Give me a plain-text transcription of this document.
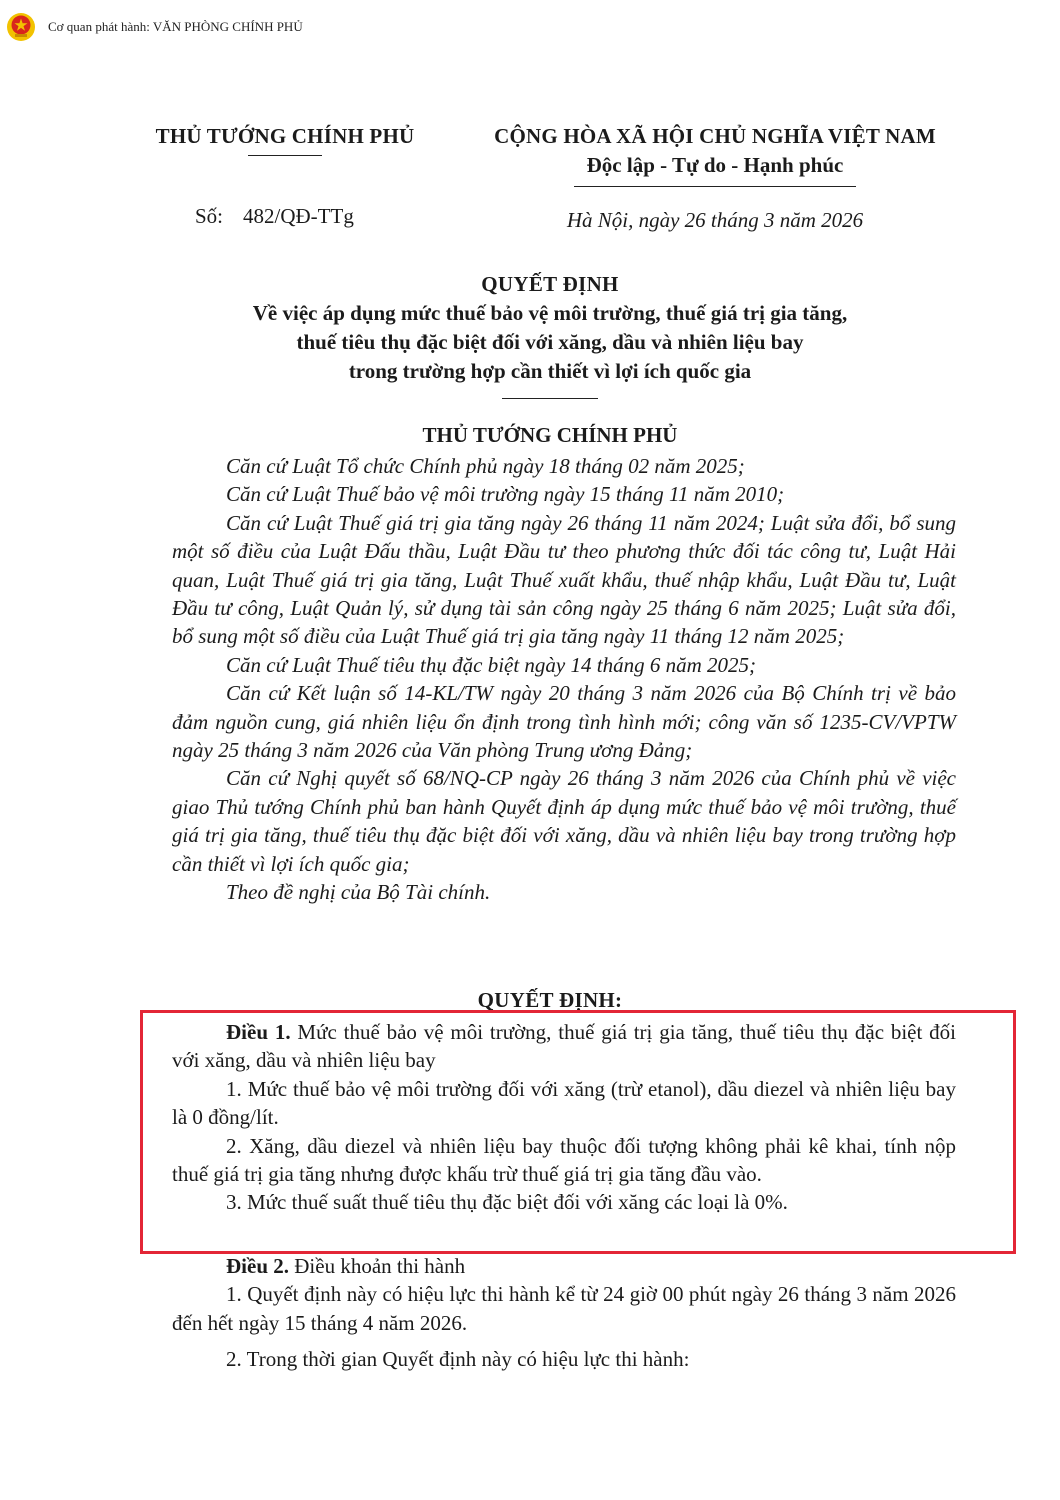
Cơ quan phát hành: VĂN PHÒNG CHÍNH PHỦ
THỦ TƯỚNG CHÍNH PHỦ	CỘNG HÒA XÃ HỘI CHỦ NGHĨA VIỆT NAM
Độc lập - Tự do - Hạnh phúc
Số: 482/QĐ-TTg	Hà Nội, ngày 26 tháng 3 năm 2026
QUYẾT ĐỊNH
Về việc áp dụng mức thuế bảo vệ môi trường, thuế giá trị gia tăng,
thuế tiêu thụ đặc biệt đối với xăng, dầu và nhiên liệu bay
trong trường hợp cần thiết vì lợi ích quốc gia
THỦ TƯỚNG CHÍNH PHỦ

Căn cứ Luật Tổ chức Chính phủ ngày 18 tháng 02 năm 2025;

Căn cứ Luật Thuế bảo vệ môi trường ngày 15 tháng 11 năm 2010;

Căn cứ Luật Thuế giá trị gia tăng ngày 26 tháng 11 năm 2024; Luật sửa đổi, bổ sung một số điều của Luật Đấu thầu, Luật Đầu tư theo phương thức đối tác công tư, Luật Hải quan, Luật Thuế giá trị gia tăng, Luật Thuế xuất khẩu, thuế nhập khẩu, Luật Đầu tư, Luật Đầu tư công, Luật Quản lý, sử dụng tài sản công ngày 25 tháng 6 năm 2025; Luật sửa đổi, bổ sung một số điều của Luật Thuế giá trị gia tăng ngày 11 tháng 12 năm 2025;

Căn cứ Luật Thuế tiêu thụ đặc biệt ngày 14 tháng 6 năm 2025;

Căn cứ Kết luận số 14-KL/TW ngày 20 tháng 3 năm 2026 của Bộ Chính trị về bảo đảm nguồn cung, giá nhiên liệu ổn định trong tình hình mới; công văn số 1235-CV/VPTW ngày 25 tháng 3 năm 2026 của Văn phòng Trung ương Đảng;

Căn cứ Nghị quyết số 68/NQ-CP ngày 26 tháng 3 năm 2026 của Chính phủ về việc giao Thủ tướng Chính phủ ban hành Quyết định áp dụng mức thuế bảo vệ môi trường, thuế giá trị gia tăng, thuế tiêu thụ đặc biệt đối với xăng, dầu và nhiên liệu bay trong trường hợp cần thiết vì lợi ích quốc gia;

Theo đề nghị của Bộ Tài chính.

QUYẾT ĐỊNH:

Điều 1. Mức thuế bảo vệ môi trường, thuế giá trị gia tăng, thuế tiêu thụ đặc biệt đối với xăng, dầu và nhiên liệu bay

1. Mức thuế bảo vệ môi trường đối với xăng (trừ etanol), dầu diezel và nhiên liệu bay là 0 đồng/lít.

2. Xăng, dầu diezel và nhiên liệu bay thuộc đối tượng không phải kê khai, tính nộp thuế giá trị gia tăng nhưng được khấu trừ thuế giá trị gia tăng đầu vào.

3. Mức thuế suất thuế tiêu thụ đặc biệt đối với xăng các loại là 0%.

Điều 2. Điều khoản thi hành

1. Quyết định này có hiệu lực thi hành kể từ 24 giờ 00 phút ngày 26 tháng 3 năm 2026 đến hết ngày 15 tháng 4 năm 2026.

2. Trong thời gian Quyết định này có hiệu lực thi hành:
